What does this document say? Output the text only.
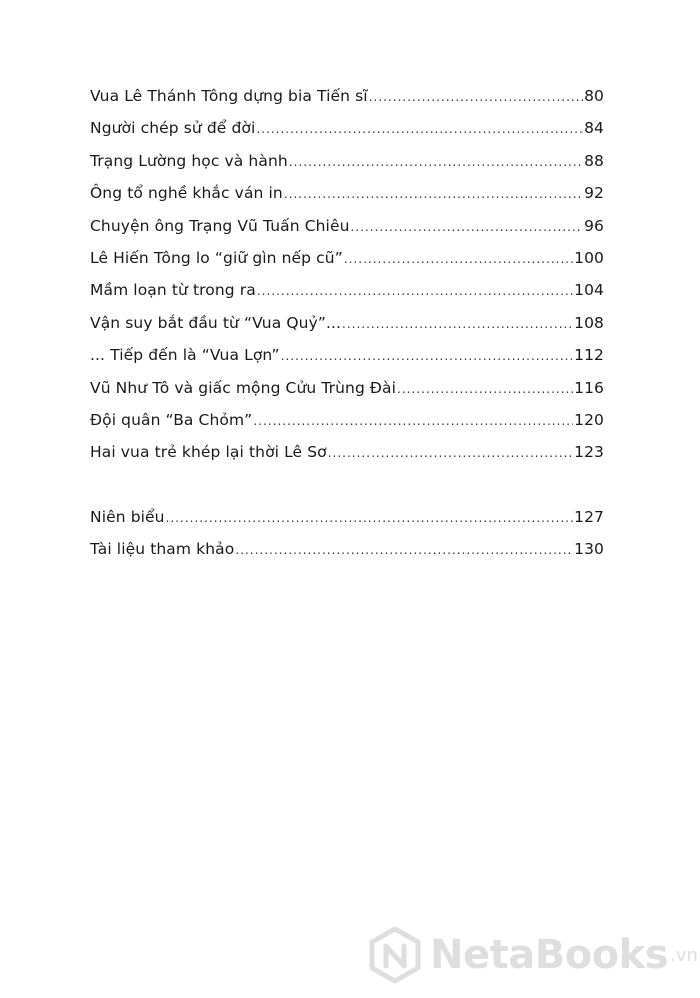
Vua Lê Thánh Tông dựng bia Tiến sĩ .....	80
Người chép sử để đời .....	84
Trạng Lường học và hành .....	88
Ông tổ nghề khắc ván in .....	92
Chuyện ông Trạng Vũ Tuấn Chiêu .....	96
Lê Hiến Tông lo “giữ gìn nếp cũ” .....	100
Mầm loạn từ trong ra .....	104
Vận suy bắt đầu từ “Vua Quỷ”... .....	108
... Tiếp đến là “Vua Lợn” .....	112
Vũ Như Tô và giấc mộng Cửu Trùng Đài .....	116
Đội quân “Ba Chỏm” .....	120
Hai vua trẻ khép lại thời Lê Sơ .....	123
Niên biểu .....	127
Tài liệu tham khảo .....	130
NetaBooks .vn
